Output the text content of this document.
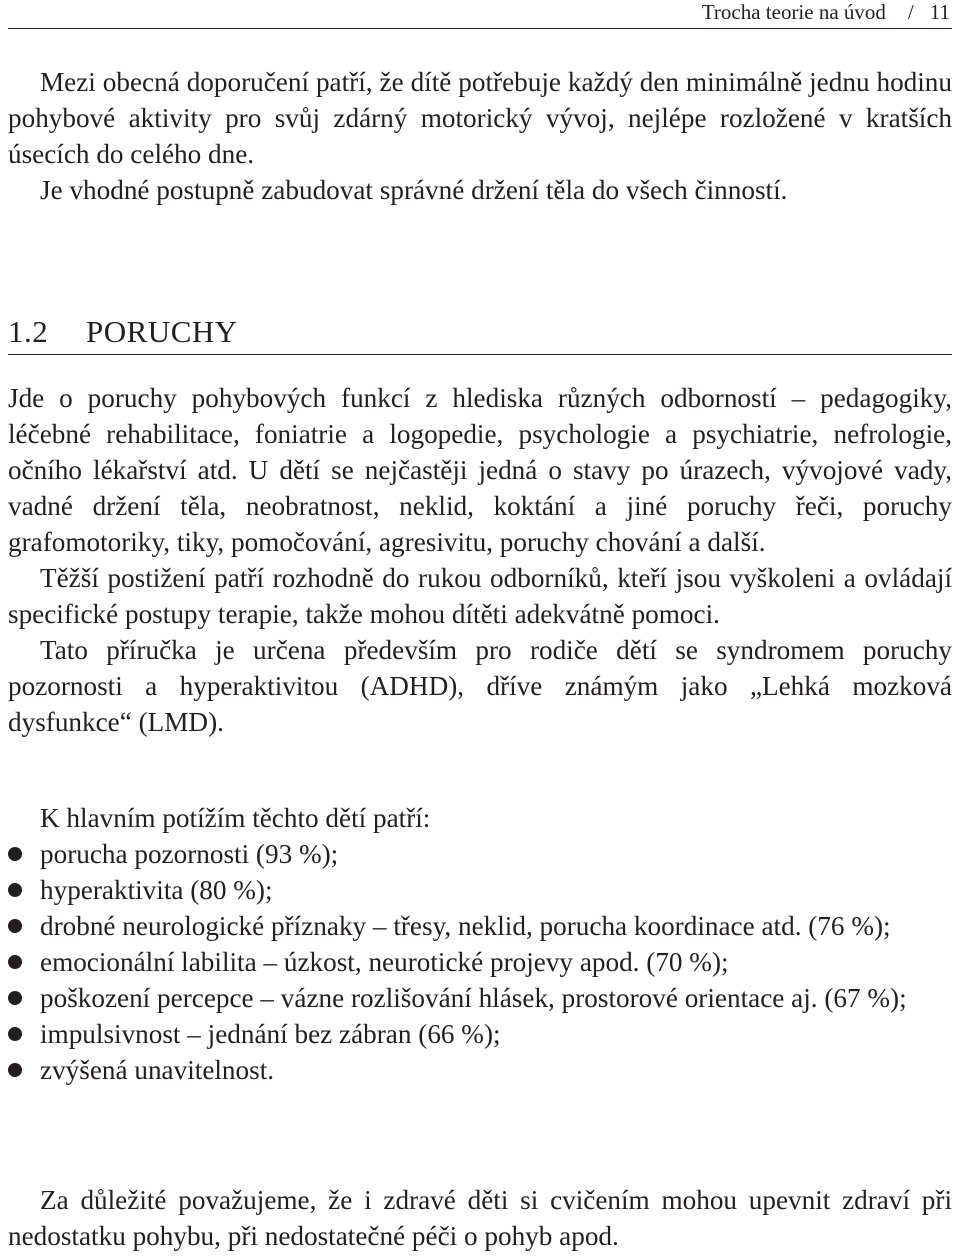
Trocha teorie na úvod / 11

Mezi obecná doporučení patří, že dítě potřebuje každý den minimálně jednu hodinu pohybové aktivity pro svůj zdárný motorický vývoj, nejlépe rozložené v kratších úsecích do celého dne.

Je vhodné postupně zabudovat správné držení těla do všech činností.

1.2 PORUCHY

Jde o poruchy pohybových funkcí z hlediska různých odborností – pedagogiky, léčebné rehabilitace, foniatrie a logopedie, psychologie a psychiatrie, nefrologie, očního lékařství atd. U dětí se nejčastěji jedná o stavy po úrazech, vývojové vady, vadné držení těla, neobratnost, neklid, koktání a jiné poruchy řeči, poruchy grafomotoriky, tiky, pomočování, agresivitu, poruchy chování a další.

Těžší postižení patří rozhodně do rukou odborníků, kteří jsou vyškoleni a ovládají specifické postupy terapie, takže mohou dítěti adekvátně pomoci.

Tato příručka je určena především pro rodiče dětí se syndromem poruchy pozornosti a hyperaktivitou (ADHD), dříve známým jako „Lehká mozková dysfunkce“ (LMD).

K hlavním potížím těchto dětí patří:

porucha pozornosti (93 %);
hyperaktivita (80 %);
drobné neurologické příznaky – třesy, neklid, porucha koordinace atd. (76 %);
emocionální labilita – úzkost, neurotické projevy apod. (70 %);
poškození percepce – vázne rozlišování hlásek, prostorové orientace aj. (67 %);
impulsivnost – jednání bez zábran (66 %);
zvýšená unavitelnost.

Za důležité považujeme, že i zdravé děti si cvičením mohou upevnit zdraví při nedostatku pohybu, při nedostatečné péči o pohyb apod.
